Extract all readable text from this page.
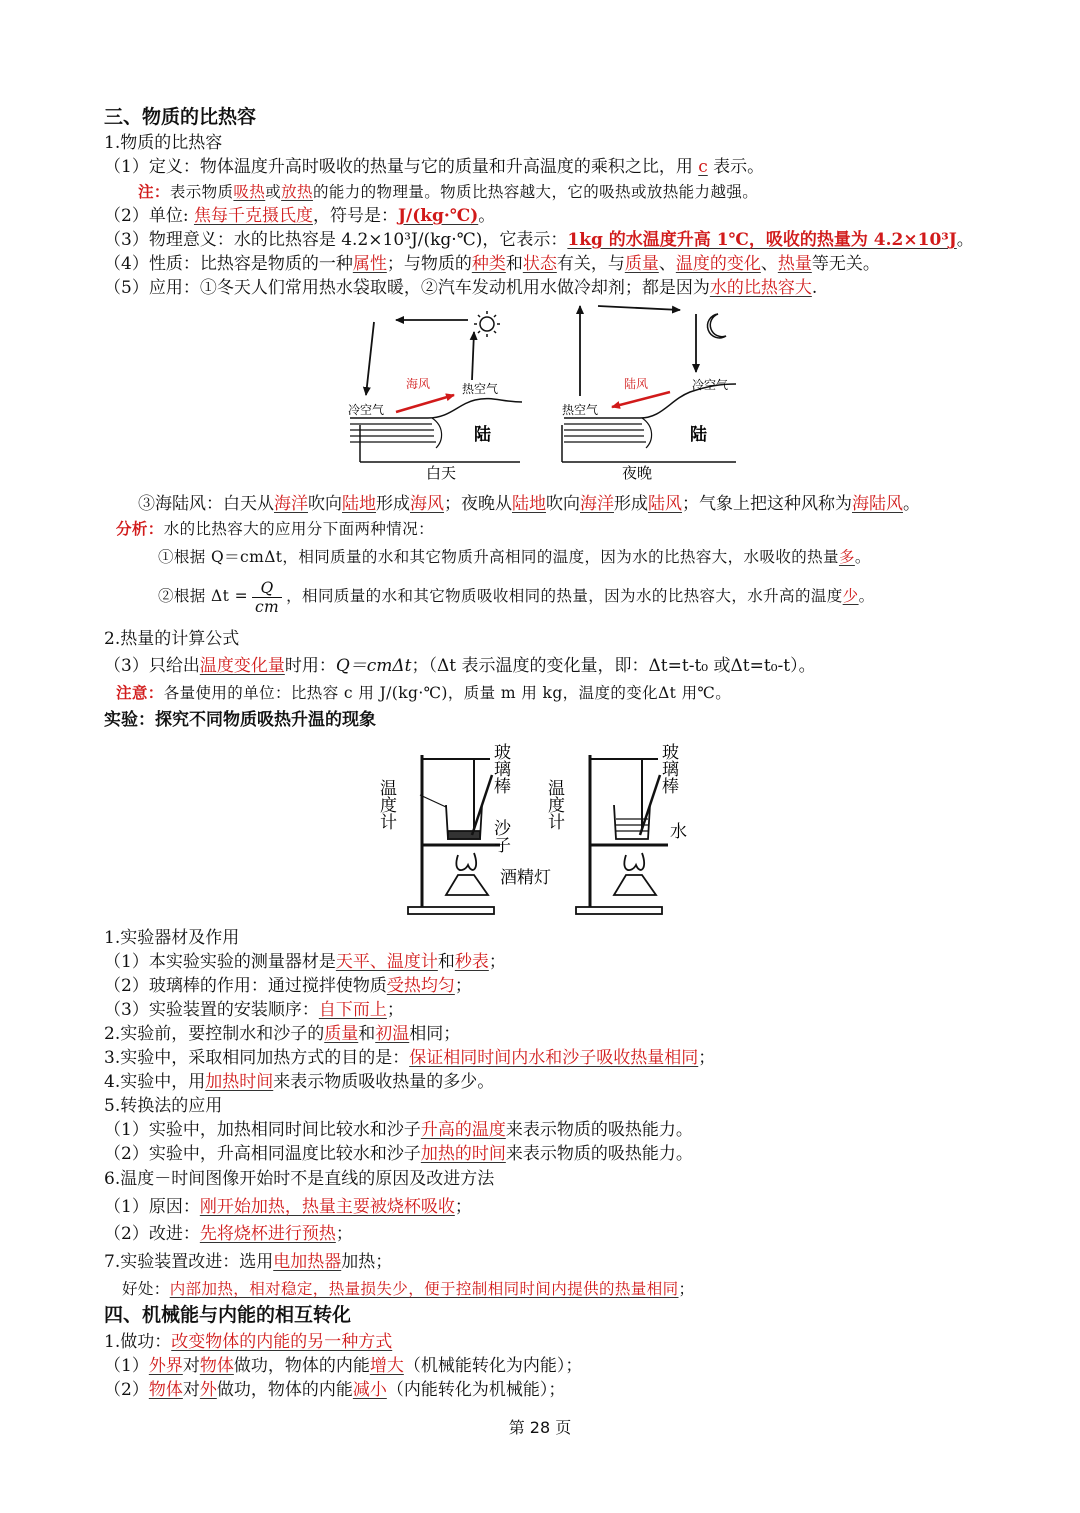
三、物质的比热容
1.物质的比热容
（1）定义：物体温度升高时吸收的热量与它的质量和升高温度的乘积之比，用 c 表示。
注：表示物质吸热或放热的能力的物理量。物质比热容越大，它的吸热或放热能力越强。
（2）单位: 焦每千克摄氏度，符号是：J/(kg·℃)。
（3）物理意义：水的比热容是 4.2×10³J/(kg·℃)，它表示：1kg 的水温度升高 1℃，吸收的热量为 4.2×10³J。
（4）性质：比热容是物质的一种属性；与物质的种类和状态有关，与质量、温度的变化、热量等无关。
（5）应用：①冬天人们常用热水袋取暖，②汽车发动机用水做冷却剂；都是因为水的比热容大.
冷空气
海风	热空气
陆
白天
热空气
陆风	冷空气
陆
夜晚
③海陆风：白天从海洋吹向陆地形成海风；夜晚从陆地吹向海洋形成陆风；气象上把这种风称为海陆风。
分析：水的比热容大的应用分下面两种情况：
①根据 Q＝cmΔt，相同质量的水和其它物质升高相同的温度，因为水的比热容大，水吸收的热量多。
②根据 $\Delta t = \frac{Q}{cm}$ ，相同质量的水和其它物质吸收相同的热量，因为水的比热容大，水升高的温度少。
2.热量的计算公式
（3）只给出温度变化量时用：Q＝cmΔt；（Δt 表示温度的变化量，即：Δt=t-t₀ 或Δt=t₀-t）。
注意：各量使用的单位：比热容 c 用 J/(kg·℃)，质量 m 用 kg，温度的变化Δt 用℃。
实验：探究不同物质吸热升温的现象
温度计	温度计
玻璃棒	玻璃棒
沙子
酒精灯
水
1.实验器材及作用
（1）本实验实验的测量器材是天平、温度计和秒表；
（2）玻璃棒的作用：通过搅拌使物质受热均匀；
（3）实验装置的安装顺序：自下而上；
2.实验前，要控制水和沙子的质量和初温相同；
3.实验中，采取相同加热方式的目的是：保证相同时间内水和沙子吸收热量相同；
4.实验中，用加热时间来表示物质吸收热量的多少。
5.转换法的应用
（1）实验中，加热相同时间比较水和沙子升高的温度来表示物质的吸热能力。
（2）实验中，升高相同温度比较水和沙子加热的时间来表示物质的吸热能力。
6.温度－时间图像开始时不是直线的原因及改进方法
（1）原因：刚开始加热，热量主要被烧杯吸收；
（2）改进：先将烧杯进行预热；
7.实验装置改进：选用电加热器加热；
好处：内部加热，相对稳定，热量损失少，便于控制相同时间内提供的热量相同；
四、机械能与内能的相互转化
1.做功：改变物体的内能的另一种方式
（1）外界对物体做功，物体的内能增大（机械能转化为内能）；
（2）物体对外做功，物体的内能减小（内能转化为机械能）；
第 28 页
